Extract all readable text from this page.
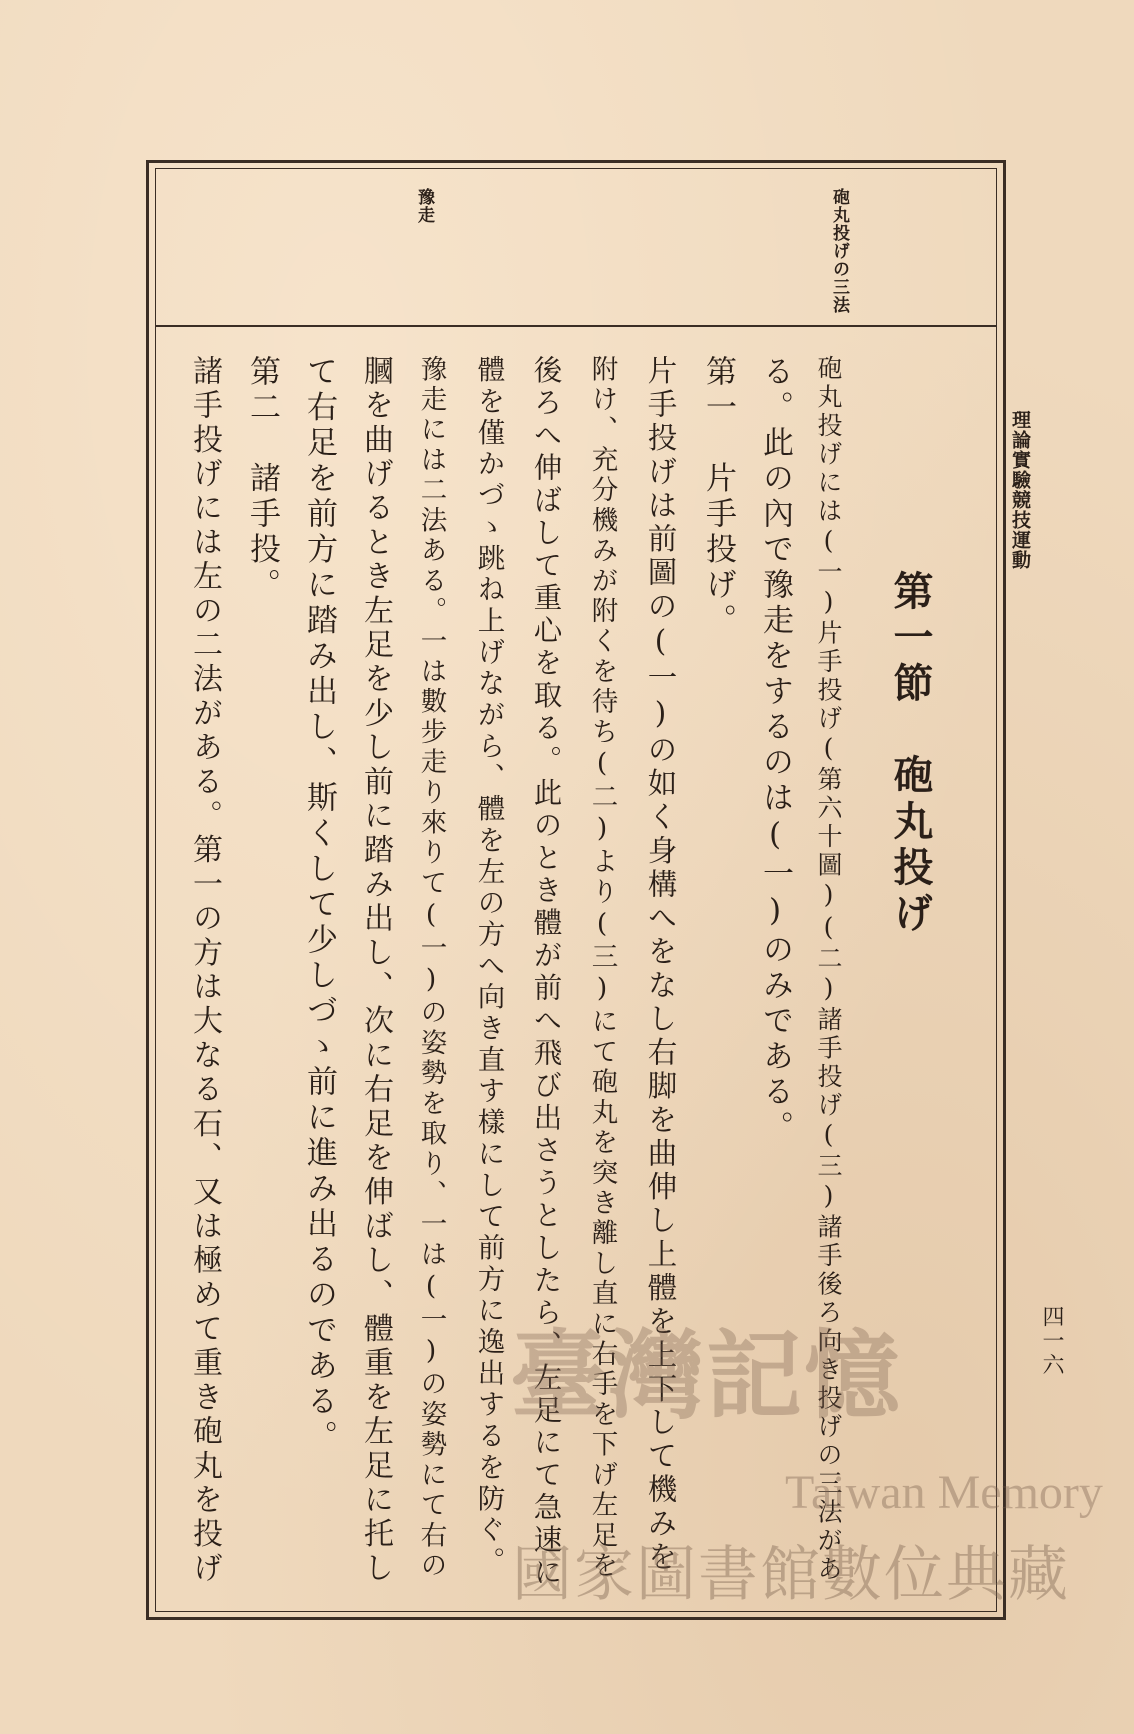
砲丸投げの三法
豫走
理論實驗競技運動
四一六
第一節　砲丸投げ
砲丸投げには(一)片手投げ(第六十圖)(二)諸手投げ(三)諸手後ろ向き投げの三法があ
る。此の內で豫走をするのは(一)のみである。
第一　片手投げ。
片手投げは前圖の(一)の如く身構へをなし右脚を曲伸し上體を上下して機みを
附け、充分機みが附くを待ち(二)より(三)にて砲丸を突き離し直に右手を下げ左足を
後ろへ伸ばして重心を取る。此のとき體が前へ飛び出さうとしたら、左足にて急速に
體を僅かづゝ跳ね上げながら、體を左の方へ向き直す樣にして前方に逸出するを防ぐ。
豫走には二法ある。一は數步走り來りて(一)の姿勢を取り、一は(一)の姿勢にて右の
膕を曲げるとき左足を少し前に踏み出し、次に右足を伸ばし、體重を左足に托し
て右足を前方に踏み出し、斯くして少しづゝ前に進み出るのである。
第二　諸手投。
諸手投げには左の二法がある。第一の方は大なる石、又は極めて重き砲丸を投げ	臺灣記憶
Taiwan Memory
國家圖書館數位典藏
